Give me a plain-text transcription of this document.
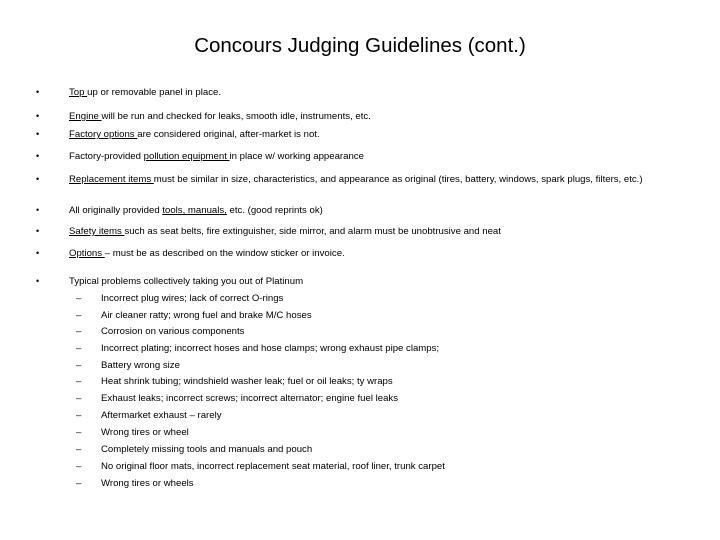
Concours Judging Guidelines (cont.)
•	Top up or removable panel in place.
•	Engine will be run and checked for leaks, smooth idle, instruments, etc.
•	Factory options are considered original, after-market is not.
•	Factory-provided pollution equipment in place w/ working appearance
•	Replacement items must be similar in size, characteristics, and appearance as original (tires, battery, windows, spark plugs, filters, etc.)
•	All originally provided tools, manuals, etc. (good reprints ok)
•	Safety items such as seat belts, fire extinguisher, side mirror, and alarm must be unobtrusive and neat
•	Options – must be as described on the window sticker or invoice.
•	Typical problems collectively taking you out of Platinum
– Incorrect plug wires; lack of correct O-rings
– Air cleaner ratty; wrong fuel and brake M/C hoses
– Corrosion on various components
– Incorrect plating; incorrect hoses and hose clamps; wrong exhaust pipe clamps;
– Battery wrong size
– Heat shrink tubing; windshield washer leak; fuel or oil leaks; ty wraps
– Exhaust leaks; incorrect screws; incorrect alternator; engine fuel leaks
– Aftermarket exhaust – rarely
– Wrong tires or wheel
– Completely missing tools and manuals and pouch
– No original floor mats, incorrect replacement seat material, roof liner, trunk carpet
– Wrong tires or wheels
